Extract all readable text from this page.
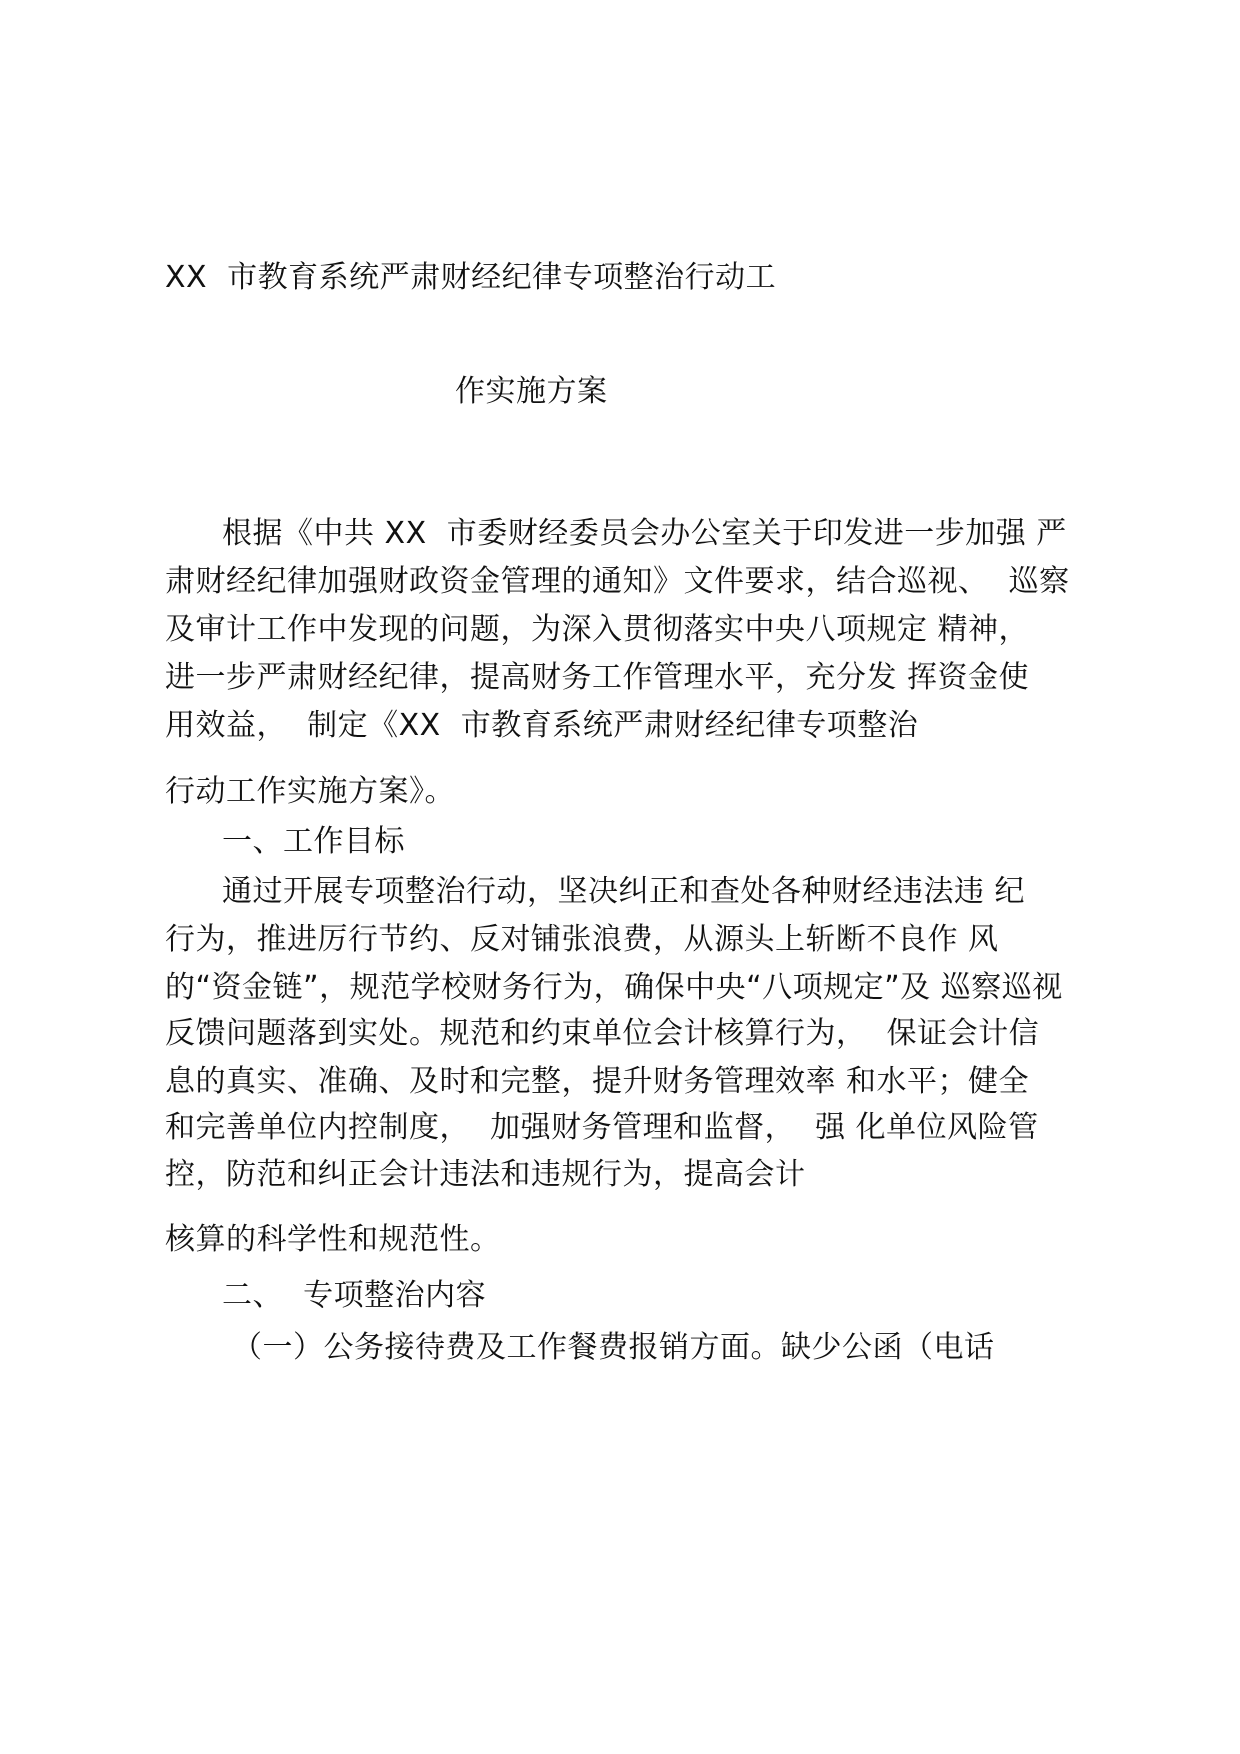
XX  市教育系统严肃财经纪律专项整治行动工
作实施方案
根据《中共 XX  市委财经委员会办公室关于印发进一步加强 严
肃财经纪律加强财政资金管理的通知》文件要求，结合巡视、  巡察
及审计工作中发现的问题，为深入贯彻落实中央八项规定 精神，
进一步严肃财经纪律，提高财务工作管理水平，充分发 挥资金使
用效益，  制定《XX  市教育系统严肃财经纪律专项整治
行动工作实施方案》。
一、工作目标
通过开展专项整治行动，坚决纠正和查处各种财经违法违 纪
行为，推进厉行节约、反对铺张浪费，从源头上斩断不良作 风
的“资金链”，规范学校财务行为，确保中央“八项规定”及 巡察巡视
反馈问题落到实处。规范和约束单位会计核算行为，  保证会计信
息的真实、准确、及时和完整，提升财务管理效率 和水平；健全
和完善单位内控制度，  加强财务管理和监督，  强 化单位风险管
控，防范和纠正会计违法和违规行为，提高会计
核算的科学性和规范性。
二、  专项整治内容
（一）公务接待费及工作餐费报销方面。缺少公函（电话
